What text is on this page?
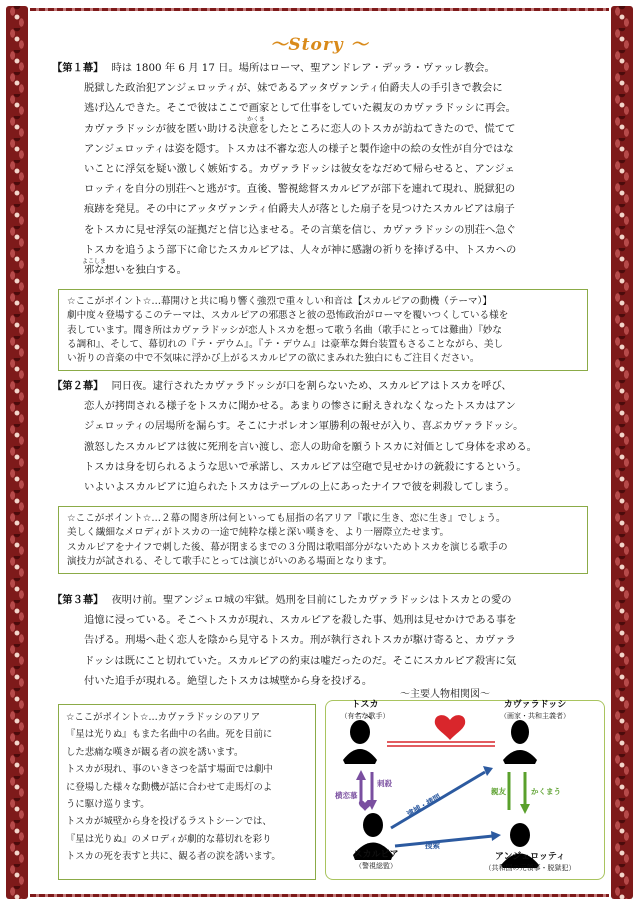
〜Story 〜

【第１幕】 時は 1800 年 6 月 17 日。場所はローマ、聖アンドレア・デッラ・ヴァッレ教会。

脱獄した政治犯アンジェロッティが、妹であるアッタヴァンティ伯爵夫人の手引きで教会に

逃げ込んできた。そこで彼はここで画家として仕事をしていた親友のカヴァラドッシに再会。

カヴァラドッシが彼を匿い助ける決意をしたところに恋人のトスカが訪ねてきたので、慌てて

アンジェロッティは姿を隠す。トスカは不審な恋人の様子と製作途中の絵の女性が自分ではな

いことに浮気を疑い激しく嫉妬する。カヴァラドッシは彼女をなだめて帰らせると、アンジェ

ロッティを自分の別荘へと逃がす。直後、警視総督スカルピアが部下を連れて現れ、脱獄犯の

痕跡を発見。その中にアッタヴァンティ伯爵夫人が落とした扇子を見つけたスカルピアは扇子

をトスカに見せ浮気の証拠だと信じ込ませる。その言葉を信じ、カヴァラドッシの別荘へ急ぐ

トスカを追うよう部下に命じたスカルピアは、人々が神に感謝の祈りを捧げる中、トスカへの

邪な想いを独白する。

かくま
よこしま

☆ここがポイント☆…幕開けと共に鳴り響く強烈で重々しい和音は【スカルピアの動機（テーマ）】

劇中度々登場するこのテーマは、スカルピアの邪悪さと彼の恐怖政治がローマを覆いつくしている様を

表しています。聞き所はカヴァラドッシが恋人トスカを想って歌う名曲（歌手にとっては難曲）『妙な

る調和』、そして、幕切れの『テ・デウム』。『テ・デウム』は豪華な舞台装置もさることながら、美し

い祈りの音楽の中で不気味に浮かび上がるスカルピアの欲にまみれた独白にもご注目ください。

【第２幕】 同日夜。逮行されたカヴァラドッシが口を割らないため、スカルピアはトスカを呼び、

恋人が拷問される様子をトスカに聞かせる。あまりの惨さに耐えきれなくなったトスカはアン

ジェロッティの居場所を漏らす。そこにナポレオン軍勝利の報せが入り、喜ぶカヴァラドッシ。

激怒したスカルピアは彼に死刑を言い渡し、恋人の助命を願うトスカに対価として身体を求める。

トスカは身を切られるような思いで承諾し、スカルピアは空砲で見せかけの銃殺にするという。

いよいよスカルピアに迫られたトスカはテーブルの上にあったナイフで彼を刺殺してしまう。

☆ここがポイント☆…２幕の聞き所は何といっても屈指の名アリア『歌に生き、恋に生き』でしょう。

美しく繊細なメロディがトスカの一途で純粋な様と深い嘆きを、より一層際立たせます。

スカルピアをナイフで刺した後、幕が閉まるまでの３分間は歌唱部分がないためトスカを演じる歌手の

演技力が試される、そして歌手にとっては演じがいのある場面となります。

【第３幕】 夜明け前。聖アンジェロ城の牢獄。処刑を目前にしたカヴァラドッシはトスカとの愛の

追憶に浸っている。そこへトスカが現れ、スカルピアを殺した事、処刑は見せかけである事を

告げる。刑場へ赴く恋人を陰から見守るトスカ。刑が執行されトスカが駆け寄ると、カヴァラ

ドッシは既にこと切れていた。スカルピアの約束は嘘だったのだ。そこにスカルピア殺害に気

付いた追手が現れる。絶望したトスカは城壁から身を投げる。

☆ここがポイント☆…カヴァラドッシのアリア

『星は光りぬ』もまた名曲中の名曲。死を目前に

した悲痛な嘆きが観る者の涙を誘います。

トスカが現れ、事のいきさつを話す場面では劇中

に登場した様々な動機が話に合わせて走馬灯のよ

うに駆け巡ります。

トスカが城壁から身を投げるラストシーンでは、

『星は光りぬ』のメロディが劇的な幕切れを彩り

トスカの死を表すと共に、観る者の涙を誘います。

〜主要人物相関図〜
トスカ
（有名な歌手）
カヴァラドッシ
（画家・共和主義者）
スカルピア
（警視総監）
アンジェロッティ
（共和国の元領事・脱獄犯）
刺殺
横恋慕	逮捕・拷問
捜索
親友	かくまう
